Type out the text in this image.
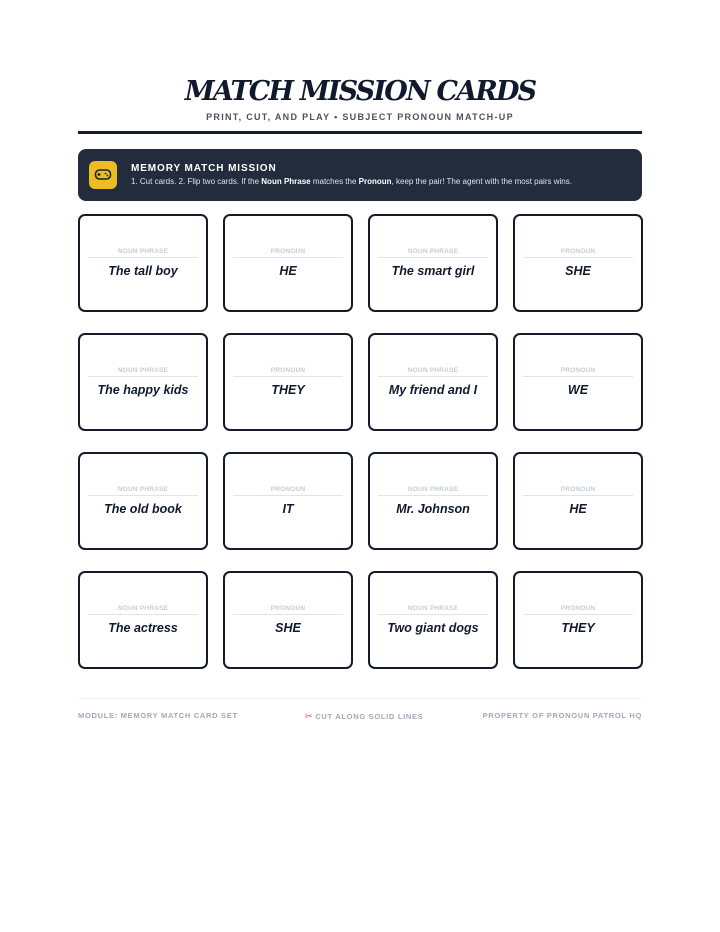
MATCH MISSION CARDS
PRINT, CUT, AND PLAY • SUBJECT PRONOUN MATCH-UP
MEMORY MATCH MISSION
1. Cut cards. 2. Flip two cards. If the Noun Phrase matches the Pronoun, keep the pair! The agent with the most pairs wins.
NOUN PHRASE
The tall boy
PRONOUN
HE
NOUN PHRASE
The smart girl
PRONOUN
SHE
NOUN PHRASE
The happy kids
PRONOUN
THEY
NOUN PHRASE
My friend and I
PRONOUN
WE
NOUN PHRASE
The old book
PRONOUN
IT
NOUN PHRASE
Mr. Johnson
PRONOUN
HE
NOUN PHRASE
The actress
PRONOUN
SHE
NOUN PHRASE
Two giant dogs
PRONOUN
THEY
MODULE: MEMORY MATCH CARD SET	✂ CUT ALONG SOLID LINES	PROPERTY OF PRONOUN PATROL HQ
